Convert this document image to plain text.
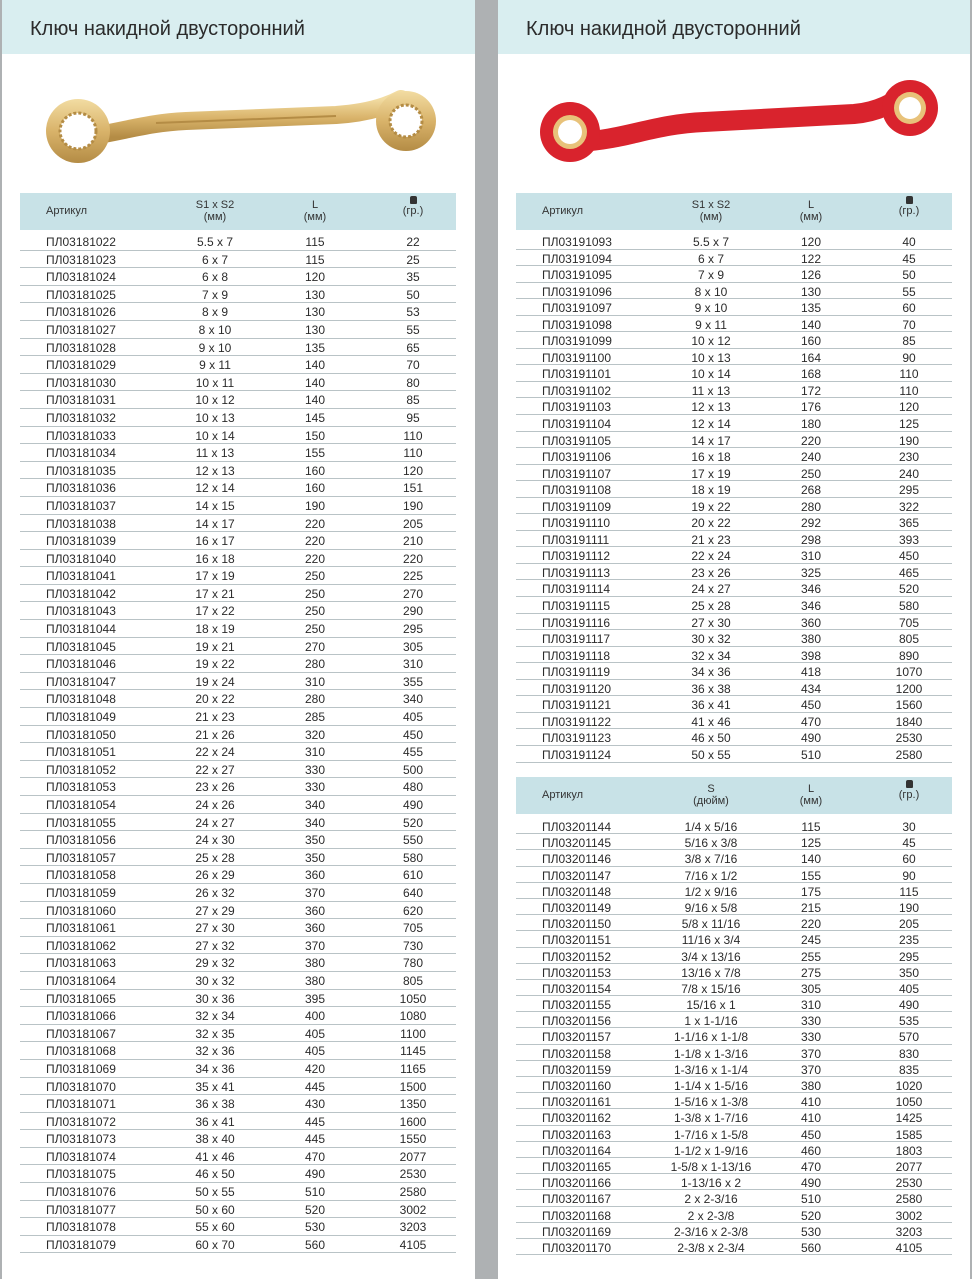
Ключ накидной двусторонний
Артикул	S1 x S2
(мм)
L
(мм)	(гр.)
ПЛ03181022	5.5 x 7	115	22
ПЛ03181023	6 x 7	115	25
ПЛ03181024	6 x 8	120	35
ПЛ03181025	7 x 9	130	50
ПЛ03181026	8 x 9	130	53
ПЛ03181027	8 x 10	130	55
ПЛ03181028	9 x 10	135	65
ПЛ03181029	9 x 11	140	70
ПЛ03181030	10 x 11	140	80
ПЛ03181031	10 x 12	140	85
ПЛ03181032	10 x 13	145	95
ПЛ03181033	10 x 14	150	110
ПЛ03181034	11 x 13	155	110
ПЛ03181035	12 x 13	160	120
ПЛ03181036	12 x 14	160	151
ПЛ03181037	14 x 15	190	190
ПЛ03181038	14 x 17	220	205
ПЛ03181039	16 x 17	220	210
ПЛ03181040	16 x 18	220	220
ПЛ03181041	17 x 19	250	225
ПЛ03181042	17 x 21	250	270
ПЛ03181043	17 x 22	250	290
ПЛ03181044	18 x 19	250	295
ПЛ03181045	19 x 21	270	305
ПЛ03181046	19 x 22	280	310
ПЛ03181047	19 x 24	310	355
ПЛ03181048	20 x 22	280	340
ПЛ03181049	21 x 23	285	405
ПЛ03181050	21 x 26	320	450
ПЛ03181051	22 x 24	310	455
ПЛ03181052	22 x 27	330	500
ПЛ03181053	23 x 26	330	480
ПЛ03181054	24 x 26	340	490
ПЛ03181055	24 x 27	340	520
ПЛ03181056	24 x 30	350	550
ПЛ03181057	25 x 28	350	580
ПЛ03181058	26 x 29	360	610
ПЛ03181059	26 x 32	370	640
ПЛ03181060	27 x 29	360	620
ПЛ03181061	27 x 30	360	705
ПЛ03181062	27 x 32	370	730
ПЛ03181063	29 x 32	380	780
ПЛ03181064	30 x 32	380	805
ПЛ03181065	30 x 36	395	1050
ПЛ03181066	32 x 34	400	1080
ПЛ03181067	32 x 35	405	1100
ПЛ03181068	32 x 36	405	1145
ПЛ03181069	34 x 36	420	1165
ПЛ03181070	35 x 41	445	1500
ПЛ03181071	36 x 38	430	1350
ПЛ03181072	36 x 41	445	1600
ПЛ03181073	38 x 40	445	1550
ПЛ03181074	41 x 46	470	2077
ПЛ03181075	46 x 50	490	2530
ПЛ03181076	50 x 55	510	2580
ПЛ03181077	50 x 60	520	3002
ПЛ03181078	55 x 60	530	3203
ПЛ03181079	60 x 70	560	4105
Ключ накидной двусторонний
Артикул	S1 x S2
(мм)
L
(мм)	(гр.)
ПЛ03191093	5.5 x 7	120	40
ПЛ03191094	6 x 7	122	45
ПЛ03191095	7 x 9	126	50
ПЛ03191096	8 x 10	130	55
ПЛ03191097	9 x 10	135	60
ПЛ03191098	9 x 11	140	70
ПЛ03191099	10 x 12	160	85
ПЛ03191100	10 x 13	164	90
ПЛ03191101	10 x 14	168	110
ПЛ03191102	11 x 13	172	110
ПЛ03191103	12 x 13	176	120
ПЛ03191104	12 x 14	180	125
ПЛ03191105	14 x 17	220	190
ПЛ03191106	16 x 18	240	230
ПЛ03191107	17 x 19	250	240
ПЛ03191108	18 x 19	268	295
ПЛ03191109	19 x 22	280	322
ПЛ03191110	20 x 22	292	365
ПЛ03191111	21 x 23	298	393
ПЛ03191112	22 x 24	310	450
ПЛ03191113	23 x 26	325	465
ПЛ03191114	24 x 27	346	520
ПЛ03191115	25 x 28	346	580
ПЛ03191116	27 x 30	360	705
ПЛ03191117	30 x 32	380	805
ПЛ03191118	32 x 34	398	890
ПЛ03191119	34 x 36	418	1070
ПЛ03191120	36 x 38	434	1200
ПЛ03191121	36 x 41	450	1560
ПЛ03191122	41 x 46	470	1840
ПЛ03191123	46 x 50	490	2530
ПЛ03191124	50 x 55	510	2580
Артикул	S
(дюйм)
L
(мм)	(гр.)
ПЛ03201144	1/4 x 5/16	115	30
ПЛ03201145	5/16 x 3/8	125	45
ПЛ03201146	3/8 x 7/16	140	60
ПЛ03201147	7/16 x 1/2	155	90
ПЛ03201148	1/2 x 9/16	175	115
ПЛ03201149	9/16 x 5/8	215	190
ПЛ03201150	5/8 x 11/16	220	205
ПЛ03201151	11/16 x 3/4	245	235
ПЛ03201152	3/4 x 13/16	255	295
ПЛ03201153	13/16 x 7/8	275	350
ПЛ03201154	7/8 x 15/16	305	405
ПЛ03201155	15/16 x 1	310	490
ПЛ03201156	1 x 1-1/16	330	535
ПЛ03201157	1-1/16 x 1-1/8	330	570
ПЛ03201158	1-1/8 x 1-3/16	370	830
ПЛ03201159	1-3/16 x 1-1/4	370	835
ПЛ03201160	1-1/4 x 1-5/16	380	1020
ПЛ03201161	1-5/16 x 1-3/8	410	1050
ПЛ03201162	1-3/8 x 1-7/16	410	1425
ПЛ03201163	1-7/16 x 1-5/8	450	1585
ПЛ03201164	1-1/2 x 1-9/16	460	1803
ПЛ03201165	1-5/8 x 1-13/16	470	2077
ПЛ03201166	1-13/16 x 2	490	2530
ПЛ03201167	2 x 2-3/16	510	2580
ПЛ03201168	2 x 2-3/8	520	3002
ПЛ03201169	2-3/16 x 2-3/8	530	3203
ПЛ03201170	2-3/8 x 2-3/4	560	4105
